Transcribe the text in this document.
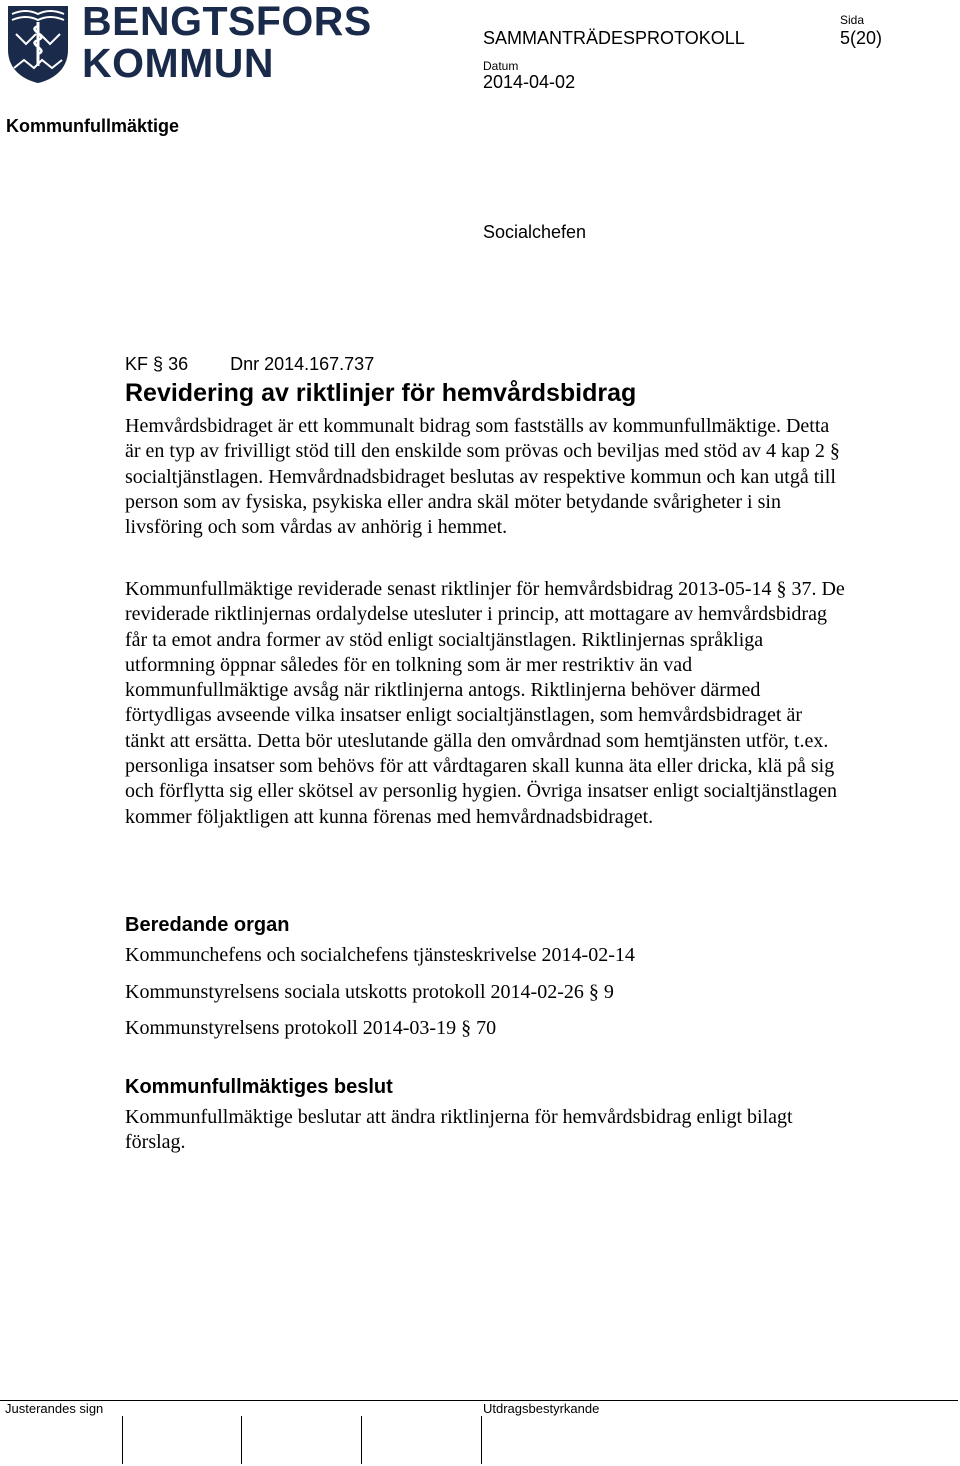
BENGTSFORS
KOMMUN
SAMMANTRÄDESPROTOKOLL
Sida
5(20)
Datum
2014-04-02
Kommunfullmäktige
Socialchefen
KF § 36 Dnr 2014.167.737
Revidering av riktlinjer för hemvårdsbidrag

Hemvårdsbidraget är ett kommunalt bidrag som fastställs av kommunfullmäktige. Detta är en typ av frivilligt stöd till den enskilde som prövas och beviljas med stöd av 4 kap 2 § socialtjänstlagen. Hemvårdnadsbidraget beslutas av respektive kommun och kan utgå till person som av fysiska, psykiska eller andra skäl möter betydande svårigheter i sin livsföring och som vårdas av anhörig i hemmet.

Kommunfullmäktige reviderade senast riktlinjer för hemvårdsbidrag 2013-05-14 § 37. De reviderade riktlinjernas ordalydelse utesluter i princip, att mottagare av hemvårdsbidrag får ta emot andra former av stöd enligt socialtjänstlagen. Riktlinjernas språkliga utformning öppnar således för en tolkning som är mer restriktiv än vad kommunfullmäktige avsåg när riktlinjerna antogs. Riktlinjerna behöver därmed förtydligas avseende vilka insatser enligt socialtjänstlagen, som hemvårdsbidraget är tänkt att ersätta. Detta bör uteslutande gälla den omvårdnad som hemtjänsten utför, t.ex. personliga insatser som behövs för att vårdtagaren skall kunna äta eller dricka, klä på sig och förflytta sig eller skötsel av personlig hygien. Övriga insatser enligt socialtjänstlagen kommer följaktligen att kunna förenas med hemvårdnadsbidraget.

Beredande organ
Kommunchefens och socialchefens tjänsteskrivelse 2014-02-14
Kommunstyrelsens sociala utskotts protokoll 2014-02-26 § 9
Kommunstyrelsens protokoll 2014-03-19 § 70
Kommunfullmäktiges beslut

Kommunfullmäktige beslutar att ändra riktlinjerna för hemvårdsbidrag enligt bilagt förslag.

Justerandes sign	Utdragsbestyrkande
